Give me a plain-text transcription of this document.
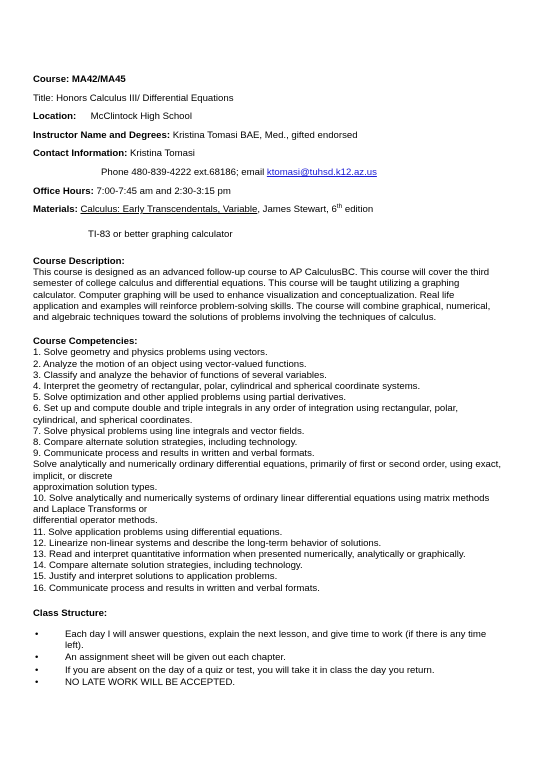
Course: MA42/MA45
Title: Honors Calculus III/ Differential Equations
Location: McClintock High School
Instructor Name and Degrees: Kristina Tomasi BAE, Med., gifted endorsed
Contact Information: Kristina Tomasi
Phone 480-839-4222 ext.68186; email ktomasi@tuhsd.k12.az.us
Office Hours: 7:00-7:45 am and 2:30-3:15 pm
Materials: Calculus: Early Transcendentals, Variable, James Stewart, 6th edition
TI-83 or better graphing calculator
Course Description:

This course is designed as an advanced follow-up course to AP CalculusBC. This course will cover the third

semester of college calculus and differential equations. This course will be taught utilizing a graphing

calculator. Computer graphing will be used to enhance visualization and conceptualization. Real life

application and examples will reinforce problem-solving skills. The course will combine graphical, numerical,

and algebraic techniques toward the solutions of problems involving the techniques of calculus.

Course Competencies:

1. Solve geometry and physics problems using vectors.

2. Analyze the motion of an object using vector-valued functions.

3. Classify and analyze the behavior of functions of several variables.

4. Interpret the geometry of rectangular, polar, cylindrical and spherical coordinate systems.

5. Solve optimization and other applied problems using partial derivatives.

6. Set up and compute double and triple integrals in any order of integration using rectangular, polar,

cylindrical, and spherical coordinates.

7. Solve physical problems using line integrals and vector fields.

8. Compare alternate solution strategies, including technology.

9. Communicate process and results in written and verbal formats.

Solve analytically and numerically ordinary differential equations, primarily of first or second order, using exact,

implicit, or discrete

approximation solution types.

10. Solve analytically and numerically systems of ordinary linear differential equations using matrix methods

and Laplace Transforms or

differential operator methods.

11. Solve application problems using differential equations.

12. Linearize non-linear systems and describe the long-term behavior of solutions.

13. Read and interpret quantitative information when presented numerically, analytically or graphically.

14. Compare alternate solution strategies, including technology.

15. Justify and interpret solutions to application problems.

16. Communicate process and results in written and verbal formats.

Class Structure:
•	Each day I will answer questions, explain the next lesson, and give time to work (if there is any time
left).
•	An assignment sheet will be given out each chapter.
•	If you are absent on the day of a quiz or test, you will take it in class the day you return.
•	NO LATE WORK WILL BE ACCEPTED.
